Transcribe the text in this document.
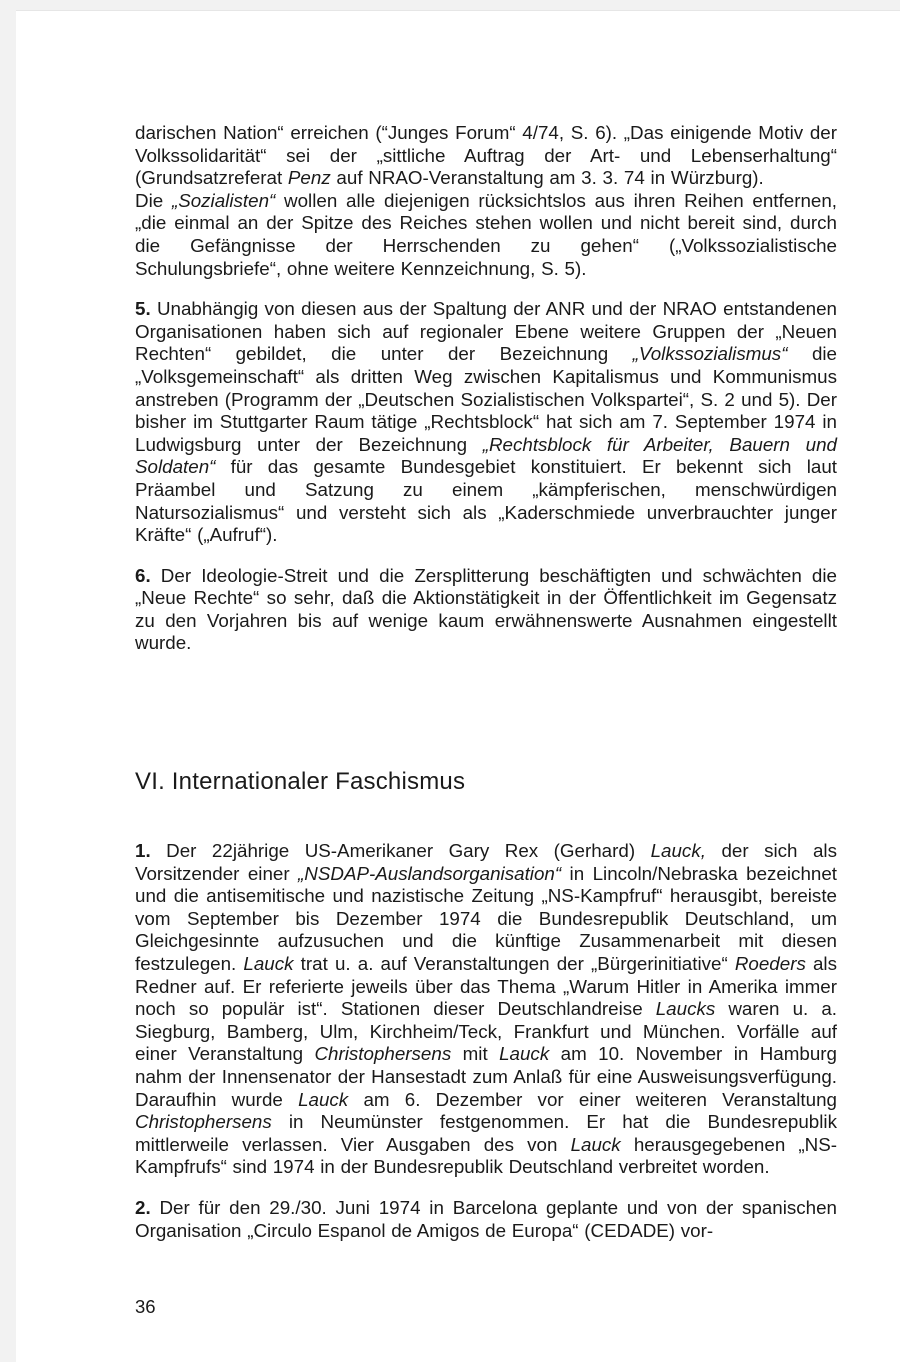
darischen Nation“ erreichen (“Junges Forum“ 4/74, S. 6). „Das einigende Motiv der Volkssolidarität“ sei der „sittliche Auftrag der Art- und Lebenserhaltung“ (Grundsatzreferat Penz auf NRAO-Veranstaltung am 3. 3. 74 in Würzburg).

Die „Sozialisten“ wollen alle diejenigen rücksichtslos aus ihren Reihen entfernen, „die einmal an der Spitze des Reiches stehen wollen und nicht bereit sind, durch die Gefängnisse der Herrschenden zu gehen“ („Volkssozialistische Schulungsbriefe“, ohne weitere Kennzeichnung, S. 5).

5. Unabhängig von diesen aus der Spaltung der ANR und der NRAO entstandenen Organisationen haben sich auf regionaler Ebene weitere Gruppen der „Neuen Rechten“ gebildet, die unter der Bezeichnung „Volkssozialismus“ die „Volksgemeinschaft“ als dritten Weg zwischen Kapitalismus und Kommunismus anstreben (Programm der „Deutschen Sozialistischen Volkspartei“, S. 2 und 5). Der bisher im Stuttgarter Raum tätige „Rechtsblock“ hat sich am 7. September 1974 in Ludwigsburg unter der Bezeichnung „Rechtsblock für Arbeiter, Bauern und Soldaten“ für das gesamte Bundesgebiet konstituiert. Er bekennt sich laut Präambel und Satzung zu einem „kämpferischen, menschwürdigen Natursozialismus“ und versteht sich als „Kaderschmiede unverbrauchter junger Kräfte“ („Aufruf“).

6. Der Ideologie-Streit und die Zersplitterung beschäftigten und schwächten die „Neue Rechte“ so sehr, daß die Aktionstätigkeit in der Öffentlichkeit im Gegensatz zu den Vorjahren bis auf wenige kaum erwähnenswerte Ausnahmen eingestellt wurde.

VI. Internationaler Faschismus

1. Der 22jährige US-Amerikaner Gary Rex (Gerhard) Lauck, der sich als Vorsitzender einer „NSDAP-Auslandsorganisation“ in Lincoln/Nebraska bezeichnet und die antisemitische und nazistische Zeitung „NS-Kampfruf“ herausgibt, bereiste vom September bis Dezember 1974 die Bundesrepublik Deutschland, um Gleichgesinnte aufzusuchen und die künftige Zusammenarbeit mit diesen festzulegen. Lauck trat u. a. auf Veranstaltungen der „Bürgerinitiative“ Roeders als Redner auf. Er referierte jeweils über das Thema „Warum Hitler in Amerika immer noch so populär ist“. Stationen dieser Deutschlandreise Laucks waren u. a. Siegburg, Bamberg, Ulm, Kirchheim/Teck, Frankfurt und München. Vorfälle auf einer Veranstaltung Christophersens mit Lauck am 10. November in Hamburg nahm der Innensenator der Hansestadt zum Anlaß für eine Ausweisungsverfügung. Daraufhin wurde Lauck am 6. Dezember vor einer weiteren Veranstaltung Christophersens in Neumünster festgenommen. Er hat die Bundesrepublik mittlerweile verlassen. Vier Ausgaben des von Lauck herausgegebenen „NS-Kampfrufs“ sind 1974 in der Bundesrepublik Deutschland verbreitet worden.

2. Der für den 29./30. Juni 1974 in Barcelona geplante und von der spanischen Organisation „Circulo Espanol de Amigos de Europa“ (CEDADE) vor-

36
